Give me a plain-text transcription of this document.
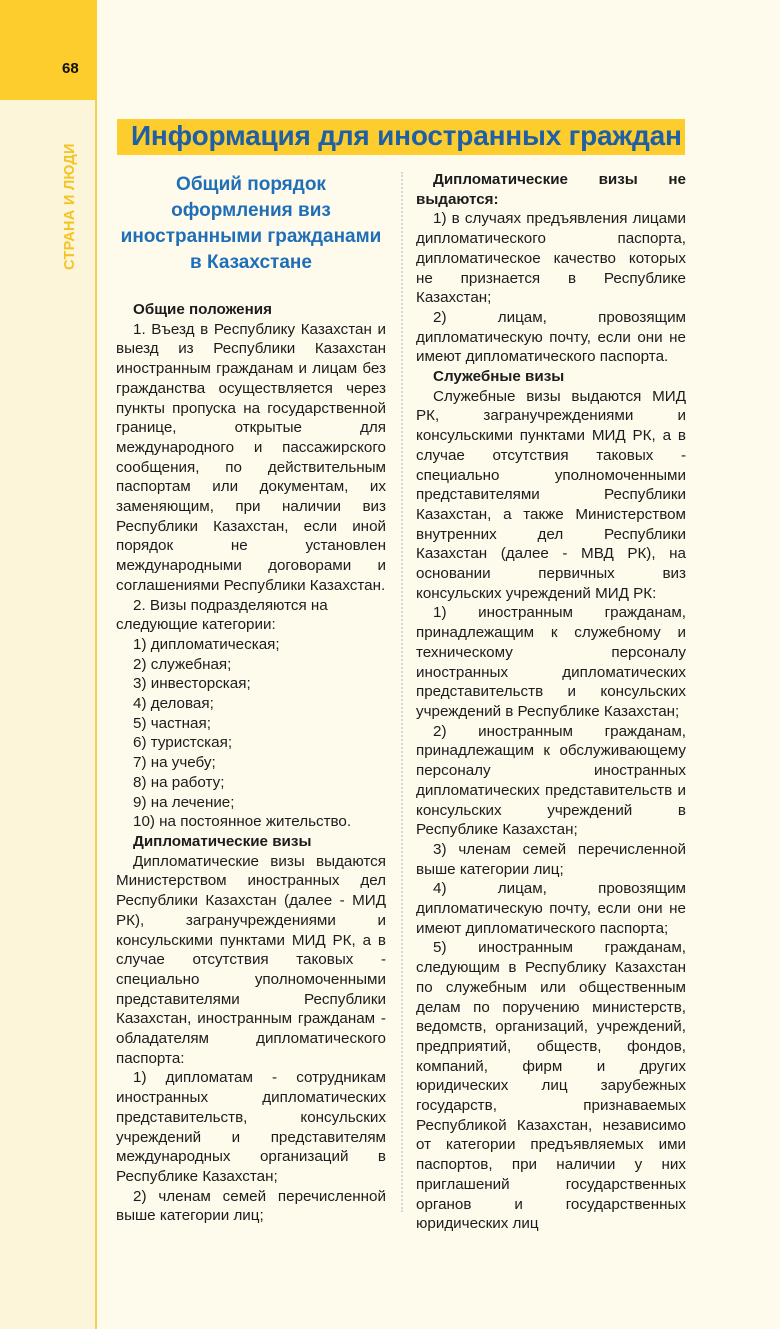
68
СТРАНА И ЛЮДИ
Информация для иностранных граждан
Общий порядок оформления виз иностранными гражданами в Казахстане

Общие положения

1. Въезд в Республику Казахстан и выезд из Республики Казахстан иностранным гражданам и лицам без гражданства осуществляется через пункты пропуска на государственной границе, открытые для международного и пассажирского сообщения, по действительным паспортам или документам, их заменяющим, при наличии виз Республики Казахстан, если иной порядок не установлен международными договорами и соглашениями Республики Казахстан.

2. Визы подразделяются на следующие категории:

1) дипломатическая;

2) служебная;

3) инвесторская;

4) деловая;

5) частная;

6) туристская;

7) на учебу;

8) на работу;

9) на лечение;

10) на постоянное жительство.

Дипломатические визы

Дипломатические визы выдаются Министерством иностранных дел Республики Казахстан (далее - МИД РК), загранучреждениями и консульскими пунктами МИД РК, а в случае отсутствия таковых - специально уполномоченными представителями Республики Казахстан, иностранным гражданам - обладателям дипломатического паспорта:

1) дипломатам - сотрудникам иностранных дипломатических представительств, консульских учреждений и представителям международных организаций в Республике Казахстан;

2) членам семей перечисленной выше категории лиц;

Дипломатические визы не выдаются:

1) в случаях предъявления лицами дипломатического паспорта, дипломатическое качество которых не признается в Республике Казахстан;

2) лицам, провозящим дипломатическую почту, если они не имеют дипломатического паспорта.

Служебные визы

Служебные визы выдаются МИД РК, загранучреждениями и консульскими пунктами МИД РК, а в случае отсутствия таковых - специально уполномоченными представителями Республики Казахстан, а также Министерством внутренних дел Республики Казахстан (далее - МВД РК), на основании первичных виз консульских учреждений МИД РК:

1) иностранным гражданам, принадлежащим к служебному и техническому персоналу иностранных дипломатических представительств и консульских учреждений в Республике Казахстан;

2) иностранным гражданам, принадлежащим к обслуживающему персоналу иностранных дипломатических представительств и консульских учреждений в Республике Казахстан;

3) членам семей перечисленной выше категории лиц;

4) лицам, провозящим дипломатическую почту, если они не имеют дипломатического паспорта;

5) иностранным гражданам, следующим в Республику Казахстан по служебным или общественным делам по поручению министерств, ведомств, организаций, учреждений, предприятий, обществ, фондов, компаний, фирм и других юридических лиц зарубежных государств, признаваемых Республикой Казахстан, независимо от категории предъявляемых ими паспортов, при наличии у них приглашений государственных органов и государственных юридических лиц
